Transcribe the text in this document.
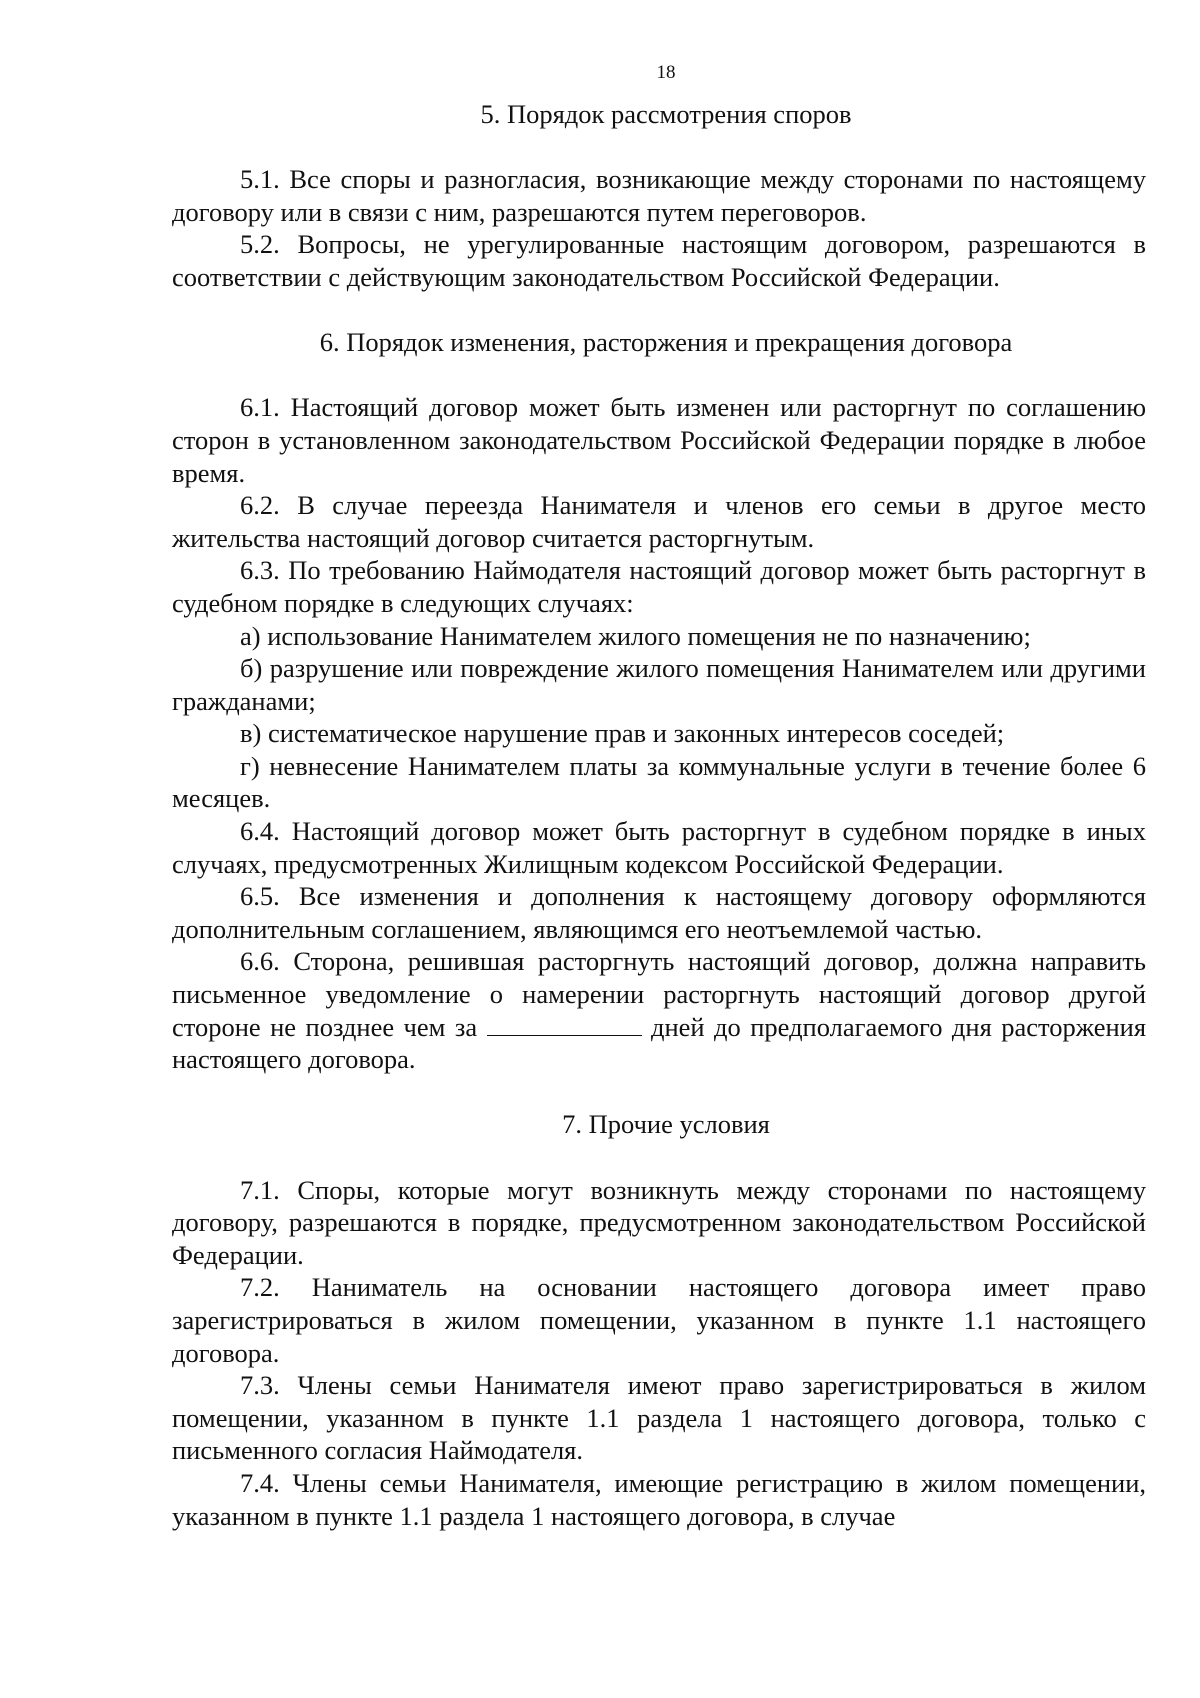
18
5. Порядок рассмотрения споров

5.1. Все споры и разногласия, возникающие между сторонами по настоящему договору или в связи с ним, разрешаются путем переговоров.

5.2. Вопросы, не урегулированные настоящим договором, разрешаются в соответствии с действующим законодательством Российской Федерации.

6. Порядок изменения, расторжения и прекращения договора

6.1. Настоящий договор может быть изменен или расторгнут по соглашению сторон в установленном законодательством Российской Федерации порядке в любое время.

6.2. В случае переезда Нанимателя и членов его семьи в другое место жительства настоящий договор считается расторгнутым.

6.3. По требованию Наймодателя настоящий договор может быть расторгнут в судебном порядке в следующих случаях:

а) использование Нанимателем жилого помещения не по назначению;

б) разрушение или повреждение жилого помещения Нанимателем или другими гражданами;

в) систематическое нарушение прав и законных интересов соседей;

г) невнесение Нанимателем платы за коммунальные услуги в течение более 6 месяцев.

6.4. Настоящий договор может быть расторгнут в судебном порядке в иных случаях, предусмотренных Жилищным кодексом Российской Федерации.

6.5. Все изменения и дополнения к настоящему договору оформляются дополнительным соглашением, являющимся его неотъемлемой частью.

6.6. Сторона, решившая расторгнуть настоящий договор, должна направить письменное уведомление о намерении расторгнуть настоящий договор другой стороне не позднее чем за	дней до предполагаемого дня расторжения настоящего договора.

7. Прочие условия

7.1. Споры, которые могут возникнуть между сторонами по настоящему договору, разрешаются в порядке, предусмотренном законодательством Российской Федерации.

7.2. Наниматель на основании настоящего договора имеет право зарегистрироваться в жилом помещении, указанном в пункте 1.1 настоящего договора.

7.3. Члены семьи Нанимателя имеют право зарегистрироваться в жилом помещении, указанном в пункте 1.1 раздела 1 настоящего договора, только с письменного согласия Наймодателя.

7.4. Члены семьи Нанимателя, имеющие регистрацию в жилом помещении, указанном в пункте 1.1 раздела 1 настоящего договора, в случае
